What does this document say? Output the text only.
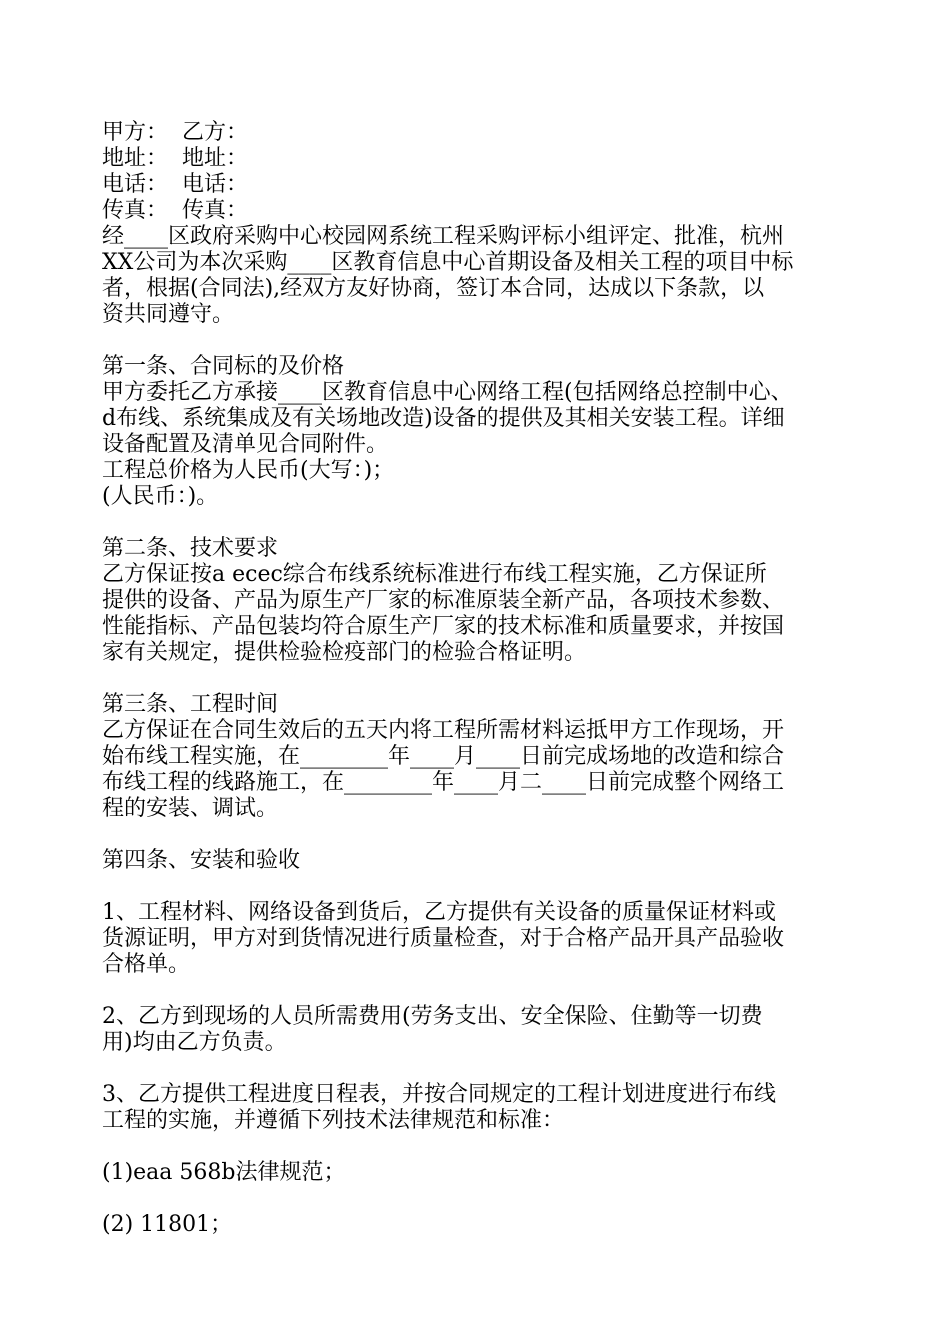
甲方：  乙方：
地址：  地址：
电话：  电话：
传真：  传真：
经____区政府采购中心校园网系统工程采购评标小组评定、批准，杭州
XX公司为本次采购____区教育信息中心首期设备及相关工程的项目中标
者，根据(合同法),经双方友好协商，签订本合同，达成以下条款，以
资共同遵守。
第一条、合同标的及价格
甲方委托乙方承接____区教育信息中心网络工程(包括网络总控制中心、
d布线、系统集成及有关场地改造)设备的提供及其相关安装工程。详细
设备配置及清单见合同附件。
工程总价格为人民币(大写：)；
(人民币：)。
第二条、技术要求
乙方保证按a ecec综合布线系统标准进行布线工程实施，乙方保证所
提供的设备、产品为原生产厂家的标准原装全新产品，各项技术参数、
性能指标、产品包装均符合原生产厂家的技术标准和质量要求，并按国
家有关规定，提供检验检疫部门的检验合格证明。
第三条、工程时间
乙方保证在合同生效后的五天内将工程所需材料运抵甲方工作现场，开
始布线工程实施，在________年____月____日前完成场地的改造和综合
布线工程的线路施工，在________年____月二____日前完成整个网络工
程的安装、调试。
第四条、安装和验收
1、工程材料、网络设备到货后，乙方提供有关设备的质量保证材料或
货源证明，甲方对到货情况进行质量检查，对于合格产品开具产品验收
合格单。
2、乙方到现场的人员所需费用(劳务支出、安全保险、住勤等一切费
用)均由乙方负责。
3、乙方提供工程进度日程表，并按合同规定的工程计划进度进行布线
工程的实施，并遵循下列技术法律规范和标准：
(1)eaa 568b法律规范；
(2) 11801；
